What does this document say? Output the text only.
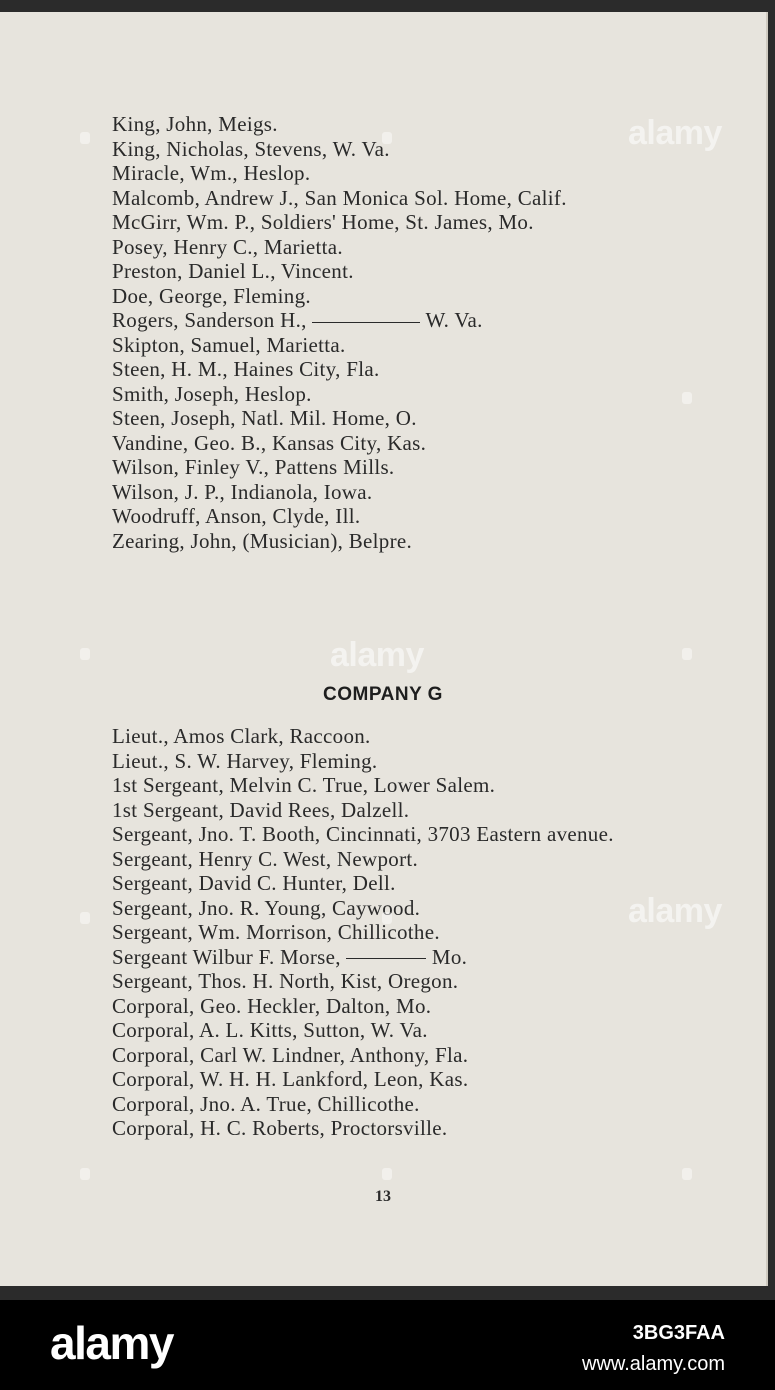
King, John, Meigs.

King, Nicholas, Stevens, W. Va.

Miracle, Wm., Heslop.

Malcomb, Andrew J., San Monica Sol. Home, Calif.

McGirr, Wm. P., Soldiers' Home, St. James, Mo.

Posey, Henry C., Marietta.

Preston, Daniel L., Vincent.

Doe, George, Fleming.

Rogers, Sanderson H.,	W. Va.

Skipton, Samuel, Marietta.

Steen, H. M., Haines City, Fla.

Smith, Joseph, Heslop.

Steen, Joseph, Natl. Mil. Home, O.

Vandine, Geo. B., Kansas City, Kas.

Wilson, Finley V., Pattens Mills.

Wilson, J. P., Indianola, Iowa.

Woodruff, Anson, Clyde, Ill.

Zearing, John, (Musician), Belpre.

COMPANY G

Lieut., Amos Clark, Raccoon.

Lieut., S. W. Harvey, Fleming.

1st Sergeant, Melvin C. True, Lower Salem.

1st Sergeant, David Rees, Dalzell.

Sergeant, Jno. T. Booth, Cincinnati, 3703 Eastern avenue.

Sergeant, Henry C. West, Newport.

Sergeant, David C. Hunter, Dell.

Sergeant, Jno. R. Young, Caywood.

Sergeant, Wm. Morrison, Chillicothe.

Sergeant Wilbur F. Morse,	Mo.

Sergeant, Thos. H. North, Kist, Oregon.

Corporal, Geo. Heckler, Dalton, Mo.

Corporal, A. L. Kitts, Sutton, W. Va.

Corporal, Carl W. Lindner, Anthony, Fla.

Corporal, W. H. H. Lankford, Leon, Kas.

Corporal, Jno. A. True, Chillicothe.

Corporal, H. C. Roberts, Proctorsville.

13
alamy
alamy
alamy
alamy	3BG3FAA
www.alamy.com
